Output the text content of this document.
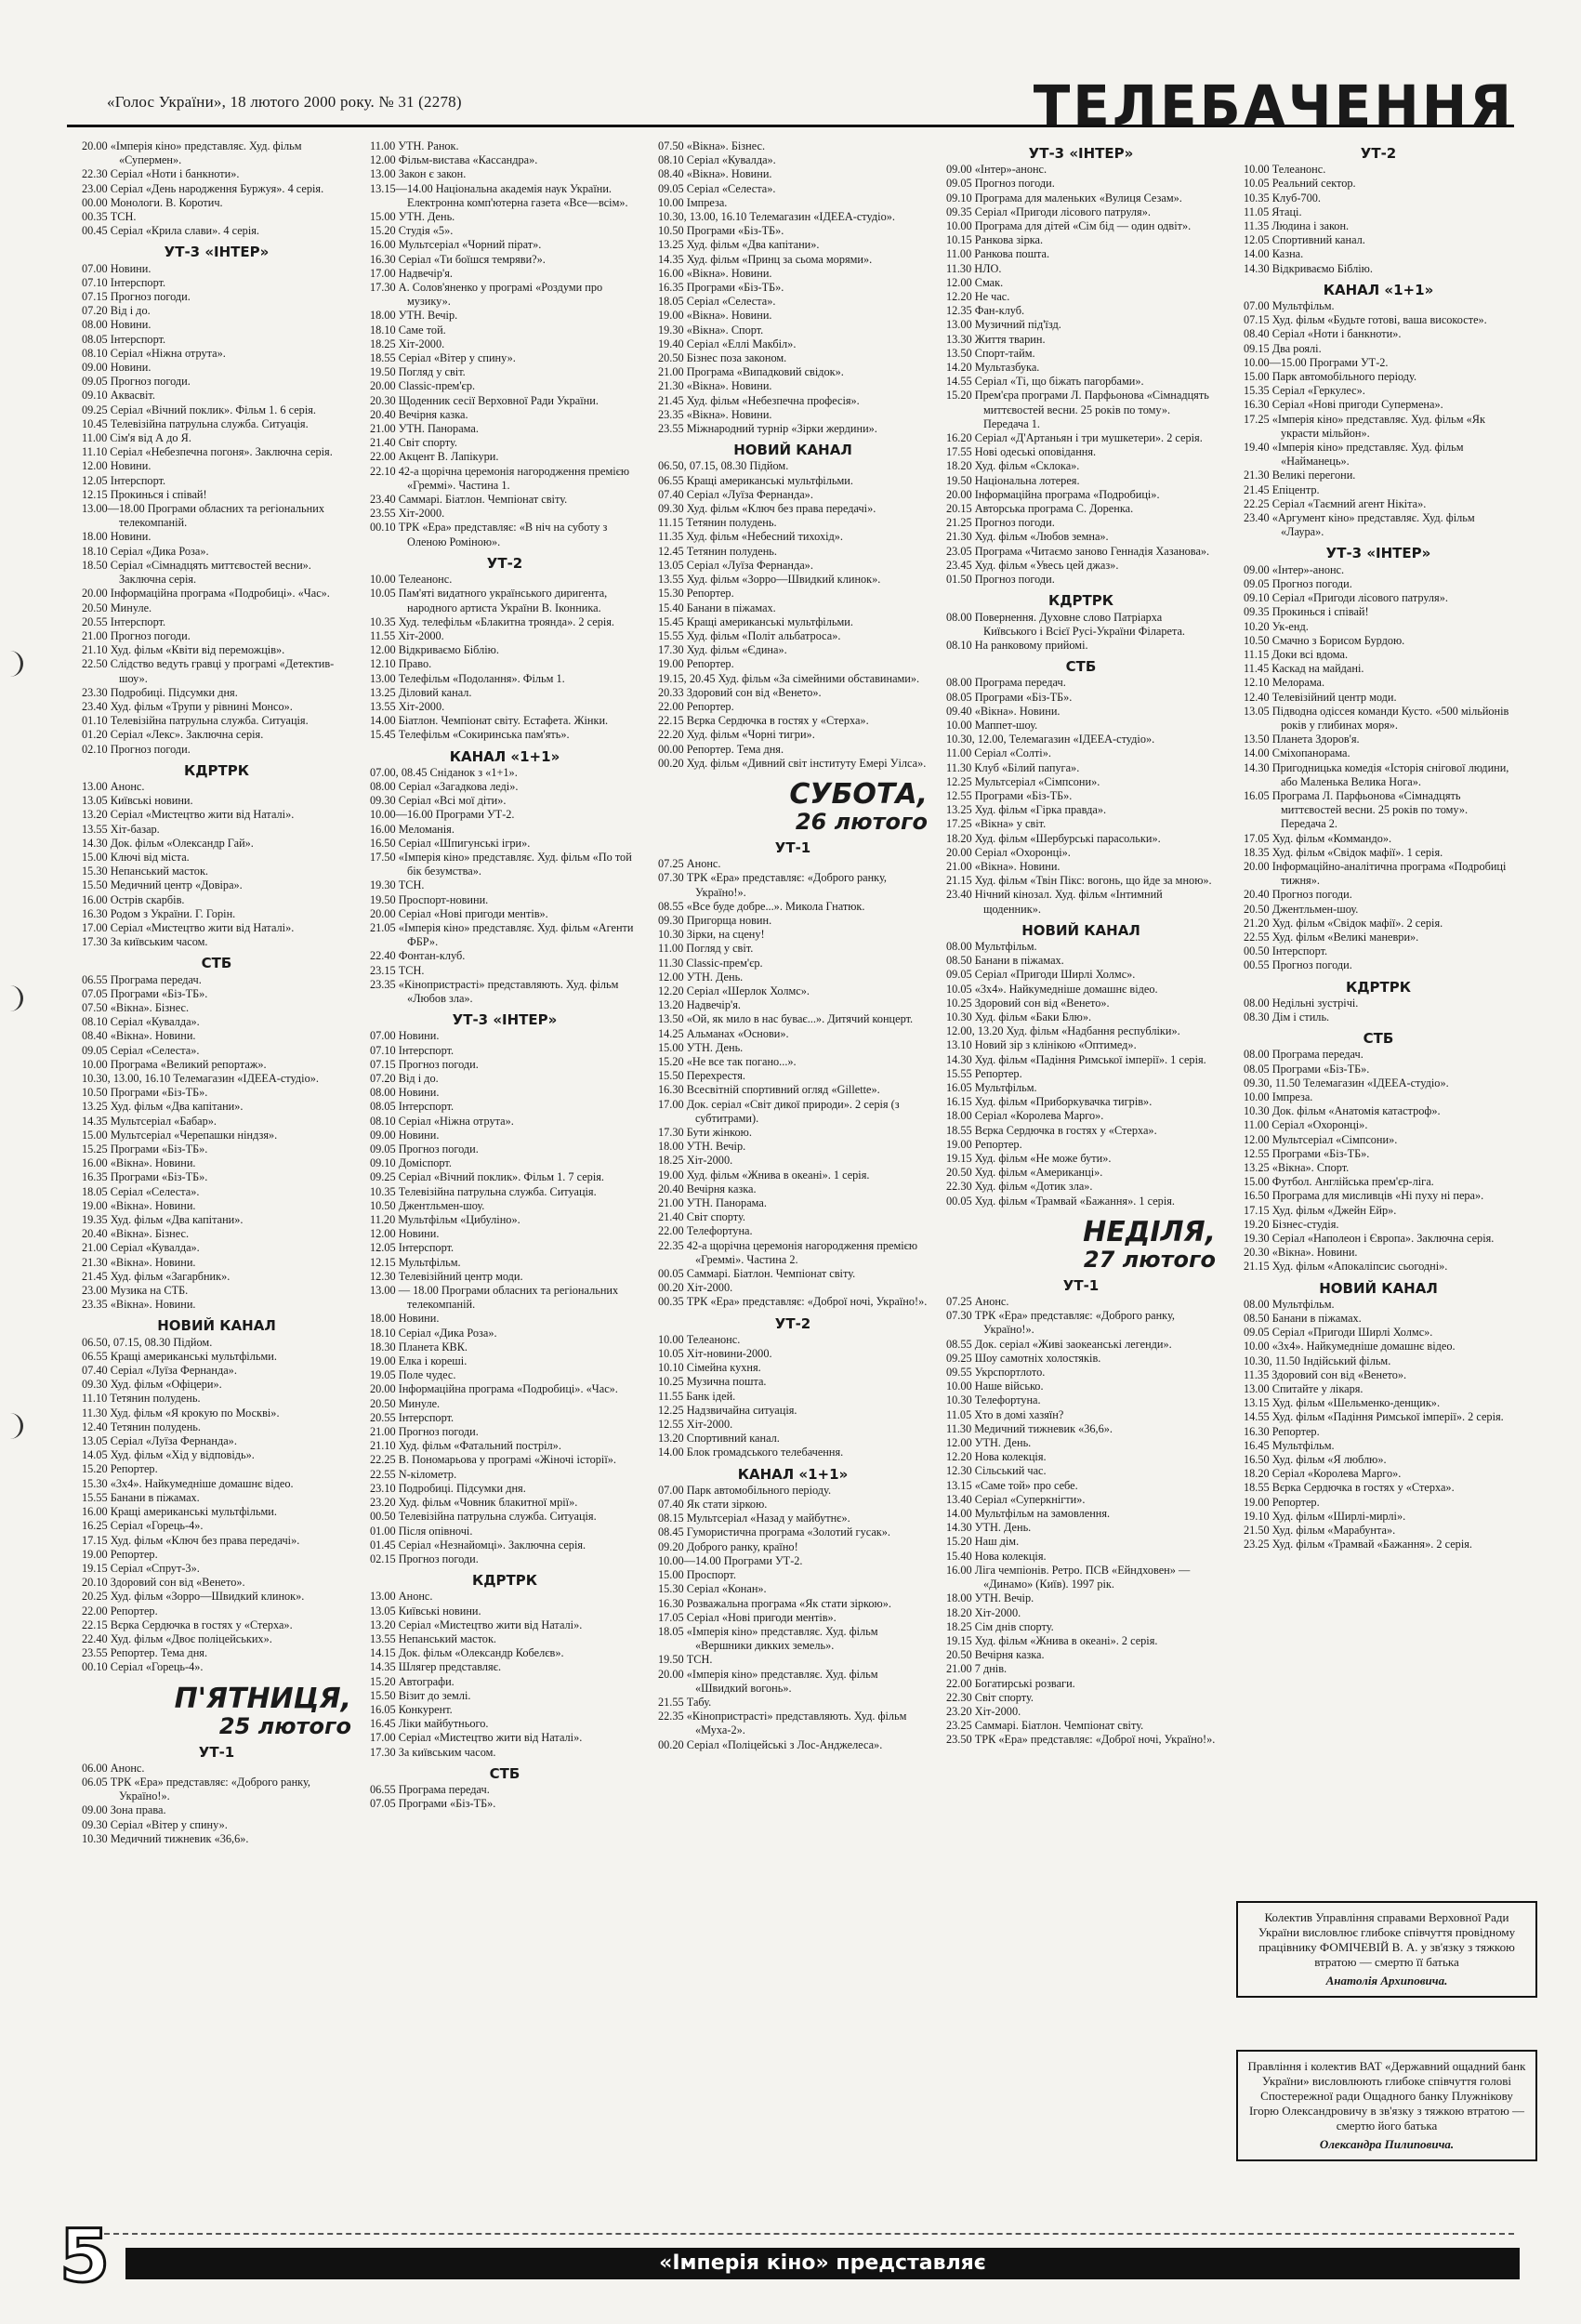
«Голос України», 18 лютого 2000 року. № 31 (2278)	ТЕЛЕБАЧЕННЯ

20.00 «Імперія кіно» представляє. Худ. фільм «Супермен».

22.30 Серіал «Ноти і банкноти».

23.00 Серіал «День народження Буржуя». 4 серія.

00.00 Монологи. В. Коротич.

00.35 ТСН.

00.45 Серіал «Крила слави». 4 серія.

УТ-3 «ІНТЕР»

07.00 Новини.

07.10 Інтерспорт.

07.15 Прогноз погоди.

07.20 Від і до.

08.00 Новини.

08.05 Інтерспорт.

08.10 Серіал «Ніжна отрута».

09.00 Новини.

09.05 Прогноз погоди.

09.10 Аквасвіт.

09.25 Серіал «Вічний поклик». Фільм 1. 6 серія.

10.45 Телевізійна патрульна служба. Ситуація.

11.00 Сім'я від А до Я.

11.10 Серіал «Небезпечна погоня». Заключна серія.

12.00 Новини.

12.05 Інтерспорт.

12.15 Прокинься і співай!

13.00—18.00 Програми обласних та регіональних телекомпаній.

18.00 Новини.

18.10 Серіал «Дика Роза».

18.50 Серіал «Сімнадцять миттєвостей весни». Заключна серія.

20.00 Інформаційна програма «Подробиці». «Час».

20.50 Минуле.

20.55 Інтерспорт.

21.00 Прогноз погоди.

21.10 Худ. фільм «Квіти від переможців».

22.50 Слідство ведуть гравці у програмі «Детектив-шоу».

23.30 Подробиці. Підсумки дня.

23.40 Худ. фільм «Трупи у рівнині Монсо».

01.10 Телевізійна патрульна служба. Ситуація.

01.20 Серіал «Лекс». Заключна серія.

02.10 Прогноз погоди.

КДРТРК

13.00 Анонс.

13.05 Київські новини.

13.20 Серіал «Мистецтво жити від Наталі».

13.55 Хіт-базар.

14.30 Док. фільм «Олександр Гай».

15.00 Ключі від міста.

15.30 Непанський масток.

15.50 Медичний центр «Довіра».

16.00 Острів скарбів.

16.30 Родом з України. Г. Горін.

17.00 Серіал «Мистецтво жити від Наталі».

17.30 За київським часом.

СТБ

06.55 Програма передач.

07.05 Програми «Біз-ТБ».

07.50 «Вікна». Бізнес.

08.10 Серіал «Кувалда».

08.40 «Вікна». Новини.

09.05 Серіал «Селеста».

10.00 Програма «Великий репортаж».

10.30, 13.00, 16.10 Телемагазин «ІДЕЕА-студіо».

10.50 Програми «Біз-ТБ».

13.25 Худ. фільм «Два капітани».

14.35 Мультсеріал «Бабар».

15.00 Мультсеріал «Черепашки ніндзя».

15.25 Програми «Біз-ТБ».

16.00 «Вікна». Новини.

16.35 Програми «Біз-ТБ».

18.05 Серіал «Селеста».

19.00 «Вікна». Новини.

19.35 Худ. фільм «Два капітани».

20.40 «Вікна». Бізнес.

21.00 Серіал «Кувалда».

21.30 «Вікна». Новини.

21.45 Худ. фільм «Загарбник».

23.00 Музика на СТБ.

23.35 «Вікна». Новини.

НОВИЙ КАНАЛ

06.50, 07.15, 08.30 Підйом.

06.55 Кращі американські мультфільми.

07.40 Серіал «Луїза Фернанда».

09.30 Худ. фільм «Офіцери».

11.10 Тетянин полудень.

11.30 Худ. фільм «Я крокую по Москві».

12.40 Тетянин полудень.

13.05 Серіал «Луїза Фернанда».

14.05 Худ. фільм «Хід у відповідь».

15.20 Репортер.

15.30 «3х4». Найкумедніше домашнє відео.

15.55 Банани в піжамах.

16.00 Кращі американські мультфільми.

16.25 Серіал «Горець-4».

17.15 Худ. фільм «Ключ без права передачі».

19.00 Репортер.

19.15 Серіал «Спрут-3».

20.10 Здоровий сон від «Венето».

20.25 Худ. фільм «Зорро—Швидкий клинок».

22.00 Репортер.

22.15 Вєрка Сердючка в гостях у «Стерха».

22.40 Худ. фільм «Двоє поліцейських».

23.55 Репортер. Тема дня.

00.10 Серіал «Горець-4».

П'ЯТНИЦЯ,
25 лютого
УТ-1

06.00 Анонс.

06.05 ТРК «Ера» представляє: «Доброго ранку, Україно!».

09.00 Зона права.

09.30 Серіал «Вітер у спину».

10.30 Медичний тижневик «36,6».

11.00 УТН. Ранок.

12.00 Фільм-вистава «Кассандра».

13.00 Закон є закон.

13.15—14.00 Національна академія наук України. Електронна комп'ютерна газета «Все—всім».

15.00 УТН. День.

15.20 Студія «5».

16.00 Мультсеріал «Чорний пірат».

16.30 Серіал «Ти боїшся темряви?».

17.00 Надвечір'я.

17.30 А. Солов'яненко у програмі «Роздуми про музику».

18.00 УТН. Вечір.

18.10 Саме той.

18.25 Хіт-2000.

18.55 Серіал «Вітер у спину».

19.50 Погляд у світ.

20.00 Classic-прем'єр.

20.30 Щоденник сесії Верховної Ради України.

20.40 Вечірня казка.

21.00 УТН. Панорама.

21.40 Світ спорту.

22.00 Акцент В. Лапікури.

22.10 42-а щорічна церемонія нагородження премією «Греммі». Частина 1.

23.40 Саммарі. Біатлон. Чемпіонат світу.

23.55 Хіт-2000.

00.10 ТРК «Ера» представляє: «В ніч на суботу з Оленою Роміною».

УТ-2

10.00 Телеанонс.

10.05 Пам'яті видатного українського диригента, народного артиста України В. Іконника.

10.35 Худ. телефільм «Блакитна троянда». 2 серія.

11.55 Хіт-2000.

12.00 Відкриваємо Біблію.

12.10 Право.

13.00 Телефільм «Подолання». Фільм 1.

13.25 Діловий канал.

13.55 Хіт-2000.

14.00 Біатлон. Чемпіонат світу. Естафета. Жінки.

15.45 Телефільм «Сокиринська пам'ять».

КАНАЛ «1+1»

07.00, 08.45 Сніданок з «1+1».

08.00 Серіал «Загадкова леді».

09.30 Серіал «Всі мої діти».

10.00—16.00 Програми УТ-2.

16.00 Меломанія.

16.50 Серіал «Шпигунські ігри».

17.50 «Імперія кіно» представляє. Худ. фільм «По той бік безумства».

19.30 ТСН.

19.50 Проспорт-новини.

20.00 Серіал «Нові пригоди ментів».

21.05 «Імперія кіно» представляє. Худ. фільм «Агенти ФБР».

22.40 Фонтан-клуб.

23.15 ТСН.

23.35 «Кінопристрасті» представляють. Худ. фільм «Любов зла».

УТ-3 «ІНТЕР»

07.00 Новини.

07.10 Інтерспорт.

07.15 Прогноз погоди.

07.20 Від і до.

08.00 Новини.

08.05 Інтерспорт.

08.10 Серіал «Ніжна отрута».

09.00 Новини.

09.05 Прогноз погоди.

09.10 Доміспорт.

09.25 Серіал «Вічний поклик». Фільм 1. 7 серія.

10.35 Телевізійна патрульна служба. Ситуація.

10.50 Джентльмен-шоу.

11.20 Мультфільм «Цибуліно».

12.00 Новини.

12.05 Інтерспорт.

12.15 Мультфільм.

12.30 Телевізійний центр моди.

13.00 — 18.00 Програми обласних та регіональних телекомпаній.

18.00 Новини.

18.10 Серіал «Дика Роза».

18.30 Планета КВК.

19.00 Елка і кореші.

19.05 Поле чудес.

20.00 Інформаційна програма «Подробиці». «Час».

20.50 Минуле.

20.55 Інтерспорт.

21.00 Прогноз погоди.

21.10 Худ. фільм «Фатальний постріл».

22.25 В. Пономарьова у програмі «Жіночі історії».

22.55 N-кілометр.

23.10 Подробиці. Підсумки дня.

23.20 Худ. фільм «Човник блакитної мрії».

00.50 Телевізійна патрульна служба. Ситуація.

01.00 Після опівночі.

01.45 Серіал «Незнайомці». Заключна серія.

02.15 Прогноз погоди.

КДРТРК

13.00 Анонс.

13.05 Київські новини.

13.20 Серіал «Мистецтво жити від Наталі».

13.55 Непанський масток.

14.15 Док. фільм «Олександр Кобелєв».

14.35 Шлягер представляє.

15.20 Автографи.

15.50 Візит до землі.

16.05 Конкурент.

16.45 Ліки майбутнього.

17.00 Серіал «Мистецтво жити від Наталі».

17.30 За київським часом.

СТБ

06.55 Програма передач.

07.05 Програми «Біз-ТБ».

07.50 «Вікна». Бізнес.

08.10 Серіал «Кувалда».

08.40 «Вікна». Новини.

09.05 Серіал «Селеста».

10.00 Імпреза.

10.30, 13.00, 16.10 Телемагазин «ІДЕЕА-студіо».

10.50 Програми «Біз-ТБ».

13.25 Худ. фільм «Два капітани».

14.35 Худ. фільм «Принц за сьома морями».

16.00 «Вікна». Новини.

16.35 Програми «Біз-ТБ».

18.05 Серіал «Селеста».

19.00 «Вікна». Новини.

19.30 «Вікна». Спорт.

19.40 Серіал «Еллі Макбіл».

20.50 Бізнес поза законом.

21.00 Програма «Випадковий свідок».

21.30 «Вікна». Новини.

21.45 Худ. фільм «Небезпечна професія».

23.35 «Вікна». Новини.

23.55 Міжнародний турнір «Зірки жердини».

НОВИЙ КАНАЛ

06.50, 07.15, 08.30 Підйом.

06.55 Кращі американські мультфільми.

07.40 Серіал «Луїза Фернанда».

09.30 Худ. фільм «Ключ без права передачі».

11.15 Тетянин полудень.

11.35 Худ. фільм «Небесний тихохід».

12.45 Тетянин полудень.

13.05 Серіал «Луїза Фернанда».

13.55 Худ. фільм «Зорро—Швидкий клинок».

15.30 Репортер.

15.40 Банани в піжамах.

15.45 Кращі американські мультфільми.

15.55 Худ. фільм «Політ альбатроса».

17.30 Худ. фільм «Єдина».

19.00 Репортер.

19.15, 20.45 Худ. фільм «За сімейними обставинами».

20.33 Здоровий сон від «Венето».

22.00 Репортер.

22.15 Вєрка Сердючка в гостях у «Стерха».

22.20 Худ. фільм «Чорні тигри».

00.00 Репортер. Тема дня.

00.20 Худ. фільм «Дивний світ інституту Емері Уілса».

СУБОТА,
26 лютого
УТ-1

07.25 Анонс.

07.30 ТРК «Ера» представляє: «Доброго ранку, Україно!».

08.55 «Все буде добре...». Микола Гнатюк.

09.30 Пригорща новин.

10.30 Зірки, на сцену!

11.00 Погляд у світ.

11.30 Classic-прем'єр.

12.00 УТН. День.

12.20 Серіал «Шерлок Холмс».

13.20 Надвечір'я.

13.50 «Ой, як мило в нас буває...». Дитячий концерт.

14.25 Альманах «Основи».

15.00 УТН. День.

15.20 «Не все так погано...».

15.50 Перехрестя.

16.30 Всесвітній спортивний огляд «Gillette».

17.00 Док. серіал «Світ дикої природи». 2 серія (з субтитрами).

17.30 Бути жінкою.

18.00 УТН. Вечір.

18.25 Хіт-2000.

19.00 Худ. фільм «Жнива в океані». 1 серія.

20.40 Вечірня казка.

21.00 УТН. Панорама.

21.40 Світ спорту.

22.00 Телефортуна.

22.35 42-а щорічна церемонія нагородження премією «Греммі». Частина 2.

00.05 Саммарі. Біатлон. Чемпіонат світу.

00.20 Хіт-2000.

00.35 ТРК «Ера» представляє: «Доброї ночі, Україно!».

УТ-2

10.00 Телеанонс.

10.05 Хіт-новини-2000.

10.10 Сімейна кухня.

10.25 Музична пошта.

11.55 Банк ідей.

12.25 Надзвичайна ситуація.

12.55 Хіт-2000.

13.20 Спортивний канал.

14.00 Блок громадського телебачення.

КАНАЛ «1+1»

07.00 Парк автомобільного періоду.

07.40 Як стати зіркою.

08.15 Мультсеріал «Назад у майбутнє».

08.45 Гумористична програма «Золотий гусак».

09.20 Доброго ранку, країно!

10.00—14.00 Програми УТ-2.

15.00 Проспорт.

15.30 Серіал «Конан».

16.30 Розважальна програма «Як стати зіркою».

17.05 Серіал «Нові пригоди ментів».

18.05 «Імперія кіно» представляє. Худ. фільм «Вершники дикких земель».

19.50 ТСН.

20.00 «Імперія кіно» представляє. Худ. фільм «Швидкий вогонь».

21.55 Табу.

22.35 «Кінопристрасті» представляють. Худ. фільм «Муха-2».

00.20 Серіал «Поліцейські з Лос-Анджелеса».

УТ-3 «ІНТЕР»

09.00 «Інтер»-анонс.

09.05 Прогноз погоди.

09.10 Програма для маленьких «Вулиця Сезам».

09.35 Серіал «Пригоди лісового патруля».

10.00 Програма для дітей «Сім бід — один одвіт».

10.15 Ранкова зірка.

11.00 Ранкова пошта.

11.30 НЛО.

12.00 Смак.

12.20 Не час.

12.35 Фан-клуб.

13.00 Музичний під'їзд.

13.30 Життя тварин.

13.50 Спорт-тайм.

14.20 Мультазбука.

14.55 Серіал «Ті, що біжать пагорбами».

15.20 Прем'єра програми Л. Парфьонова «Сімнадцять миттєвостей весни. 25 років по тому». Передача 1.

16.20 Серіал «Д'Артаньян і три мушкетери». 2 серія.

17.55 Нові одеські оповідання.

18.20 Худ. фільм «Склока».

19.50 Національна лотерея.

20.00 Інформаційна програма «Подробиці».

20.15 Авторська програма С. Доренка.

21.25 Прогноз погоди.

21.30 Худ. фільм «Любов земна».

23.05 Програма «Читаємо заново Геннадія Хазанова».

23.45 Худ. фільм «Увесь цей джаз».

01.50 Прогноз погоди.

КДРТРК

08.00 Повернення. Духовне слово Патріарха Київського і Всієї Русі-України Філарета.

08.10 На ранковому прийомі.

СТБ

08.00 Програма передач.

08.05 Програми «Біз-ТБ».

09.40 «Вікна». Новини.

10.00 Маппет-шоу.

10.30, 12.00, Телемагазин «ІДЕЕА-студіо».

11.00 Серіал «Солті».

11.30 Клуб «Білий папуга».

12.25 Мультсеріал «Сімпсони».

12.55 Програми «Біз-ТБ».

13.25 Худ. фільм «Гірка правда».

17.25 «Вікна» у світ.

18.20 Худ. фільм «Шербурські парасольки».

20.00 Серіал «Охоронці».

21.00 «Вікна». Новини.

21.15 Худ. фільм «Твін Пікс: вогонь, що йде за мною».

23.40 Нічний кінозал. Худ. фільм «Інтимний щоденник».

НОВИЙ КАНАЛ

08.00 Мультфільм.

08.50 Банани в піжамах.

09.05 Серіал «Пригоди Ширлі Холмс».

10.05 «3х4». Найкумедніше домашнє відео.

10.25 Здоровий сон від «Венето».

10.30 Худ. фільм «Баки Блю».

12.00, 13.20 Худ. фільм «Надбання республіки».

13.10 Новий зір з клінікою «Оптимед».

14.30 Худ. фільм «Падіння Римської імперії». 1 серія.

15.55 Репортер.

16.05 Мультфільм.

16.15 Худ. фільм «Приборкувачка тигрів».

18.00 Серіал «Королева Марго».

18.55 Вєрка Сердючка в гостях у «Стерха».

19.00 Репортер.

19.15 Худ. фільм «Не може бути».

20.50 Худ. фільм «Американці».

22.30 Худ. фільм «Дотик зла».

00.05 Худ. фільм «Трамвай «Бажання». 1 серія.

НЕДІЛЯ,
27 лютого
УТ-1

07.25 Анонс.

07.30 ТРК «Ера» представляє: «Доброго ранку, Україно!».

08.55 Док. серіал «Живі заокеанські легенди».

09.25 Шоу самотніх холостяків.

09.55 Укрспортлото.

10.00 Наше військо.

10.30 Телефортуна.

11.05 Хто в домі хазяїн?

11.30 Медичний тижневик «36,6».

12.00 УТН. День.

12.20 Нова колекція.

12.30 Сільський час.

13.15 «Саме той» про себе.

13.40 Серіал «Суперкнігти».

14.00 Мультфільм на замовлення.

14.30 УТН. День.

15.20 Наш дім.

15.40 Нова колекція.

16.00 Ліга чемпіонів. Ретро. ПСВ «Ейндховен» — «Динамо» (Київ). 1997 рік.

18.00 УТН. Вечір.

18.20 Хіт-2000.

18.25 Сім днів спорту.

19.15 Худ. фільм «Жнива в океані». 2 серія.

20.50 Вечірня казка.

21.00 7 днів.

22.00 Богатирські розваги.

22.30 Світ спорту.

23.20 Хіт-2000.

23.25 Саммарі. Біатлон. Чемпіонат світу.

23.50 ТРК «Ера» представляє: «Доброї ночі, Україно!».

УТ-2

10.00 Телеанонс.

10.05 Реальний сектор.

10.35 Клуб-700.

11.05 Ятаці.

11.35 Людина і закон.

12.05 Спортивний канал.

14.00 Казна.

14.30 Відкриваємо Біблію.

КАНАЛ «1+1»

07.00 Мультфільм.

07.15 Худ. фільм «Будьте готові, ваша високосте».

08.40 Серіал «Ноти і банкноти».

09.15 Два роялі.

10.00—15.00 Програми УТ-2.

15.00 Парк автомобільного періоду.

15.35 Серіал «Геркулес».

16.30 Серіал «Нові пригоди Супермена».

17.25 «Імперія кіно» представляє. Худ. фільм «Як украсти мільйон».

19.40 «Імперія кіно» представляє. Худ. фільм «Найманець».

21.30 Великі перегони.

21.45 Епіцентр.

22.25 Серіал «Таємний агент Нікіта».

23.40 «Аргумент кіно» представляє. Худ. фільм «Лаура».

УТ-3 «ІНТЕР»

09.00 «Інтер»-анонс.

09.05 Прогноз погоди.

09.10 Серіал «Пригоди лісового патруля».

09.35 Прокинься і співай!

10.20 Ук-енд.

10.50 Смачно з Борисом Бурдою.

11.15 Доки всі вдома.

11.45 Каскад на майдані.

12.10 Мелорама.

12.40 Телевізійний центр моди.

13.05 Підводна одіссея команди Кусто. «500 мільйонів років у глибинах моря».

13.50 Планета Здоров'я.

14.00 Сміхопанорама.

14.30 Пригодницька комедія «Історія снігової людини, або Маленька Велика Нога».

16.05 Програма Л. Парфьонова «Сімнадцять миттєвостей весни. 25 років по тому». Передача 2.

17.05 Худ. фільм «Коммандо».

18.35 Худ. фільм «Свідок мафії». 1 серія.

20.00 Інформаційно-аналітична програма «Подробиці тижня».

20.40 Прогноз погоди.

20.50 Джентльмен-шоу.

21.20 Худ. фільм «Свідок мафії». 2 серія.

22.55 Худ. фільм «Великі маневри».

00.50 Інтерспорт.

00.55 Прогноз погоди.

КДРТРК

08.00 Недільні зустрічі.

08.30 Дім і стиль.

СТБ

08.00 Програма передач.

08.05 Програми «Біз-ТБ».

09.30, 11.50 Телемагазин «ІДЕЕА-студіо».

10.00 Імпреза.

10.30 Док. фільм «Анатомія катастроф».

11.00 Серіал «Охоронці».

12.00 Мультсеріал «Сімпсони».

12.55 Програми «Біз-ТБ».

13.25 «Вікна». Спорт.

15.00 Футбол. Англійська прем'єр-ліга.

16.50 Програма для мисливців «Ні пуху ні пера».

17.15 Худ. фільм «Джейн Ейр».

19.20 Бізнес-студія.

19.30 Серіал «Наполеон і Європа». Заключна серія.

20.30 «Вікна». Новини.

21.15 Худ. фільм «Апокаліпсис сьогодні».

НОВИЙ КАНАЛ

08.00 Мультфільм.

08.50 Банани в піжамах.

09.05 Серіал «Пригоди Ширлі Холмс».

10.00 «3х4». Найкумедніше домашнє відео.

10.30, 11.50 Індійський фільм.

11.35 Здоровий сон від «Венето».

13.00 Спитайте у лікаря.

13.15 Худ. фільм «Шельменко-денщик».

14.55 Худ. фільм «Падіння Римської імперії». 2 серія.

16.30 Репортер.

16.45 Мультфільм.

16.50 Худ. фільм «Я люблю».

18.20 Серіал «Королева Марго».

18.55 Вєрка Сердючка в гостях у «Стерха».

19.00 Репортер.

19.10 Худ. фільм «Ширлі-мирлі».

21.50 Худ. фільм «Марабунта».

23.25 Худ. фільм «Трамвай «Бажання». 2 серія.

Колектив Управління справами Верховної Ради України висловлює глибоке співчуття провідному працівнику ФОМІЧЕВІЙ В. А. у зв'язку з тяжкою втратою — смертю її батька
Анатолія Архиповича.
Правління і колектив ВАТ «Державний ощадний банк України» висловлюють глибоке співчуття голові Спостережної ради Ощадного банку Плужнікову Ігорю Олександровичу в зв'язку з тяжкою втратою — смертю його батька
Олександра Пилиповича.
5	«Імперія кіно» представляє
